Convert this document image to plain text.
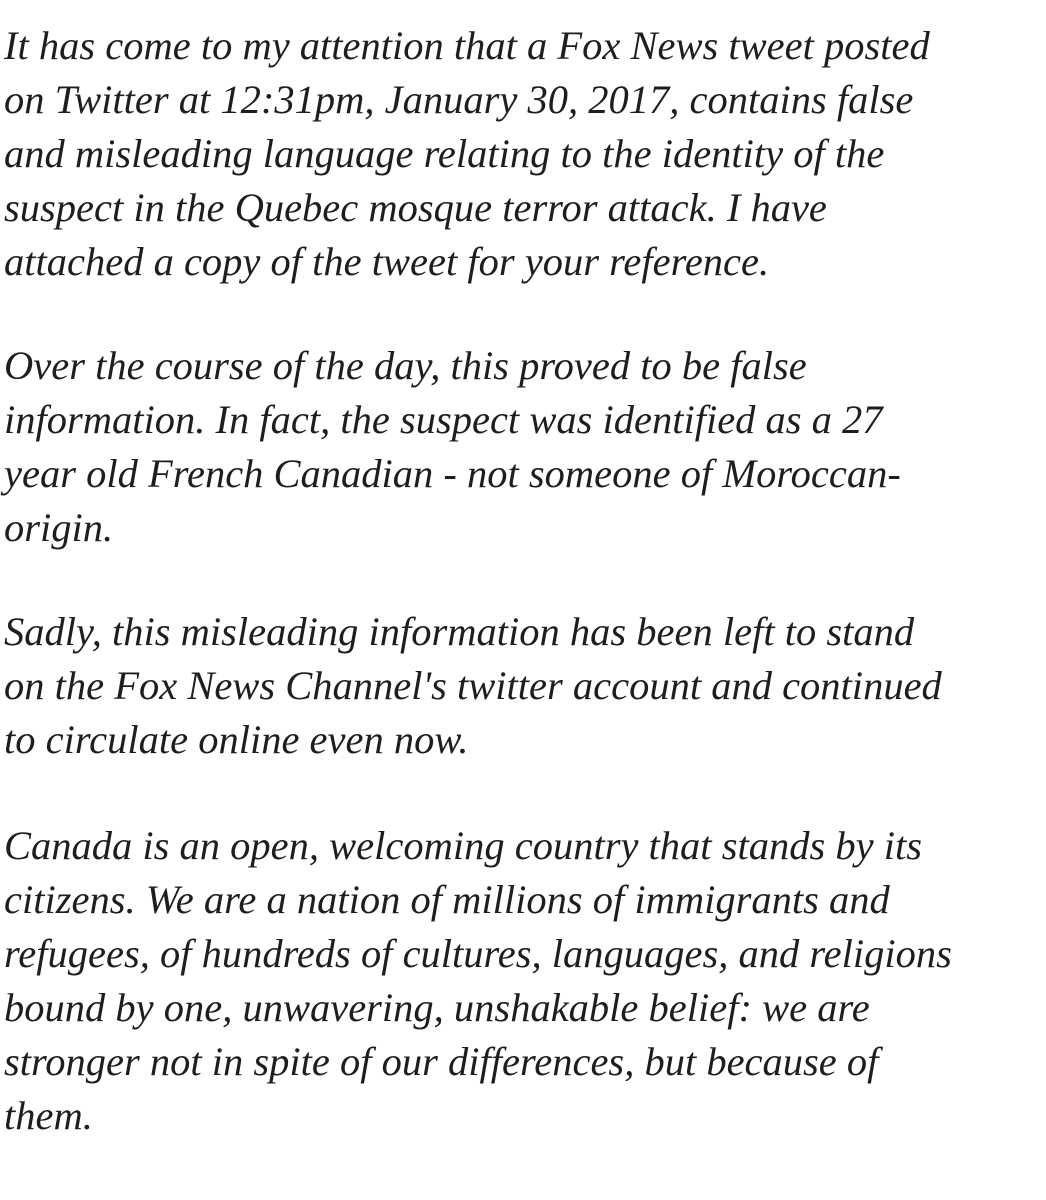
It has come to my attention that a Fox News tweet posted
on Twitter at 12:31pm, January 30, 2017, contains false
and misleading language relating to the identity of the
suspect in the Quebec mosque terror attack. I have
attached a copy of the tweet for your reference.

Over the course of the day, this proved to be false
information. In fact, the suspect was identified as a 27
year old French Canadian - not someone of Moroccan-
origin.

Sadly, this misleading information has been left to stand
on the Fox News Channel's twitter account and continued
to circulate online even now.

Canada is an open, welcoming country that stands by its
citizens. We are a nation of millions of immigrants and
refugees, of hundreds of cultures, languages, and religions
bound by one, unwavering, unshakable belief: we are
stronger not in spite of our differences, but because of
them.
